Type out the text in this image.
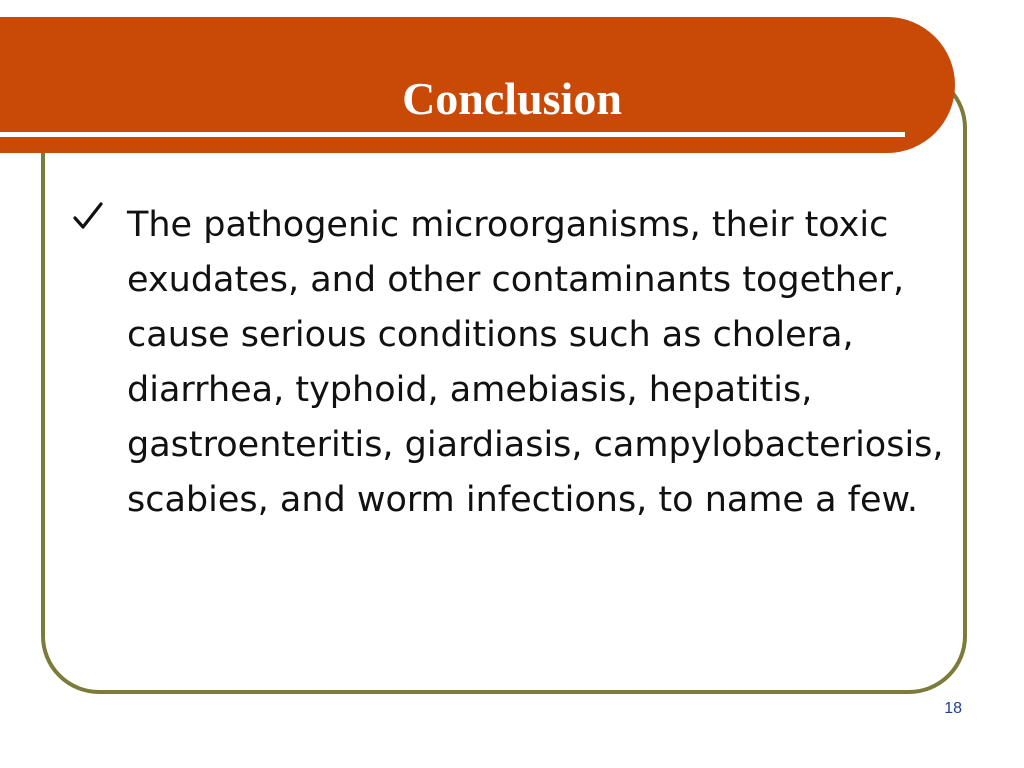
Conclusion
The pathogenic microorganisms, their toxic exudates, and other contaminants together, cause serious conditions such as cholera, diarrhea, typhoid, amebiasis, hepatitis, gastroenteritis, giardiasis, campylobacteriosis, scabies, and worm infections, to name a few.
18
